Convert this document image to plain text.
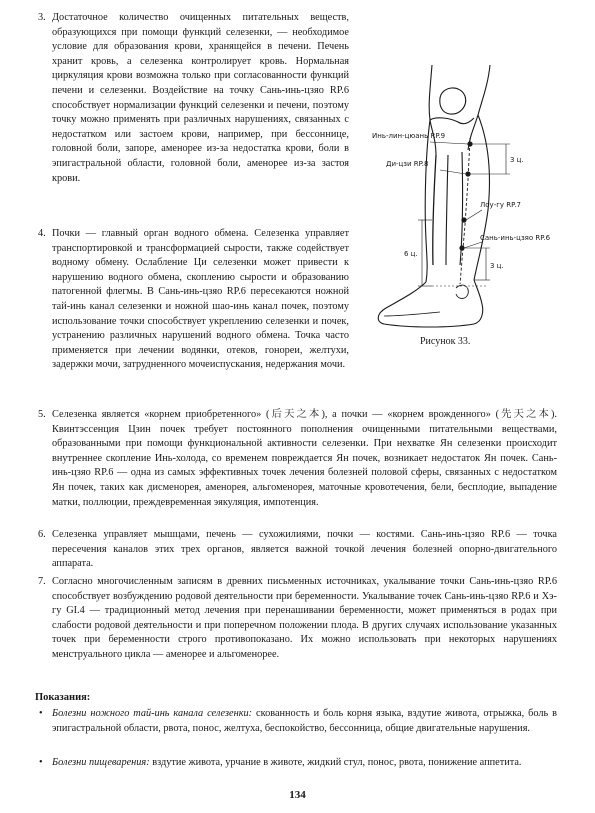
3. Достаточное количество очищенных питательных веществ, образующихся при помощи функций селезенки, — необходимое условие для образования крови, хранящейся в печени. Печень хранит кровь, а селезенка контролирует кровь. Нормальная циркуляция крови возможна только при согласованности функций печени и селезенки. Воздействие на точку Сань-инь-цзяо RP.6 способствует нормализации функций селезенки и печени, поэтому точку можно применять при различных нарушениях, связанных с недостатком или застоем крови, например, при бессоннице, головной боли, запоре, аменорее из-за недостатка крови, боли в эпигастральной области, головной боли, аменорее из-за застоя крови.

4. Почки — главный орган водного обмена. Селезенка управляет транспортировкой и трансформацией сырости, также содействует водному обмену. Ослабление Ци селезенки может привести к нарушению водного обмена, скоплению сырости и образованию патогенной флегмы. В Сань-инь-цзяо RP.6 пересекаются ножной тай-инь канал селезенки и ножной шао-инь канал почек, поэтому использование точки способствует укреплению селезенки и почек, устранению различных нарушений водного обмена. Точка часто применяется при лечении водянки, отеков, гонореи, желтухи, задержки мочи, затрудненного мочеиспускания, недержания мочи.

Инь-лин-цюань RP.9
Ди-цзи RP.8
Лоу-гу RP.7
Сань-инь-цзяо RP.6
3 ц.
6 ц.
3 ц.
Рисунок 33.

5. Селезенка является «корнем приобретенного» (后天之本), а почки — «корнем врожденного» (先天之本). Квинтэссенция Цзин почек требует постоянного пополнения очищенными питательными веществами, образованными при помощи функциональной активности селезенки. При нехватке Ян селезенки происходит внутреннее скопление Инь-холода, со временем повреждается Ян почек, возникает недостаток Ян почек. Сань-инь-цзяо RP.6 — одна из самых эффективных точек лечения болезней половой сферы, связанных с недостатком Ян почек, таких как дисменорея, аменорея, альгоменорея, маточные кровотечения, бели, бесплодие, выпадение матки, поллюции, преждевременная эякуляция, импотенция.

6. Селезенка управляет мышцами, печень — сухожилиями, почки — костями. Сань-инь-цзяо RP.6 — точка пересечения каналов этих трех органов, является важной точкой лечения болезней опорно-двигательного аппарата.

7. Согласно многочисленным записям в древних письменных источниках, укалывание точки Сань-инь-цзяо RP.6 способствует возбуждению родовой деятельности при беременности. Укалывание точек Сань-инь-цзяо RP.6 и Хэ-гу GI.4 — традиционный метод лечения при перенашивании беременности, может применяться в родах при слабости родовой деятельности и при поперечном положении плода. В других случаях использование указанных точек при беременности строго противопоказано. Их можно использовать при некоторых нарушениях менструального цикла — аменорее и альгоменорее.

Показания:
• Болезни ножного тай-инь канала селезенки: скованность и боль корня языка, вздутие живота, отрыжка, боль в эпигастральной области, рвота, понос, желтуха, беспокойство, бессонница, общие двигательные нарушения.
• Болезни пищеварения: вздутие живота, урчание в животе, жидкий стул, понос, рвота, понижение аппетита.
134
